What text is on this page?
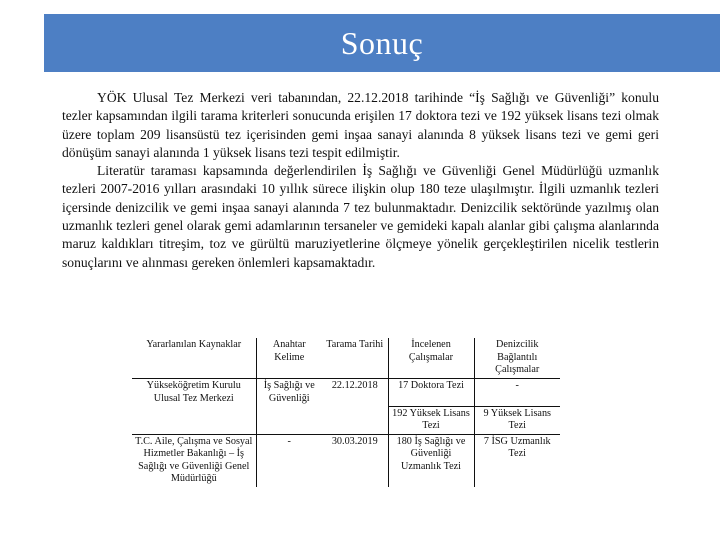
Sonuç

YÖK Ulusal Tez Merkezi veri tabanından, 22.12.2018 tarihinde “İş Sağlığı ve Güvenliği” konulu tezler kapsamından ilgili tarama kriterleri sonucunda erişilen 17 doktora tezi ve 192 yüksek lisans tezi olmak üzere toplam 209 lisansüstü tez içerisinden gemi inşaa sanayi alanında 8 yüksek lisans tezi ve gemi geri dönüşüm sanayi alanında 1 yüksek lisans tezi tespit edilmiştir.

Literatür taraması kapsamında değerlendirilen İş Sağlığı ve Güvenliği Genel Müdürlüğü uzmanlık tezleri 2007-2016 yılları arasındaki 10 yıllık sürece ilişkin olup 180 teze ulaşılmıştır. İlgili uzmanlık tezleri içersinde denizcilik ve gemi inşaa sanayi alanında 7 tez bulunmaktadır. Denizcilik sektöründe yazılmış olan uzmanlık tezleri genel olarak gemi adamlarının tersaneler ve gemideki kapalı alanlar gibi çalışma alanlarında maruz kaldıkları titreşim, toz ve gürültü maruziyetlerine ölçmeye yönelik gerçekleştirilen nicelik testlerin sonuçlarını ve alınması gereken önlemleri kapsamaktadır.

Yararlanılan Kaynaklar	Anahtar Kelime	Tarama Tarihi	İncelenen Çalışmalar	Denizcilik Bağlantılı Çalışmalar
Yükseköğretim Kurulu Ulusal Tez Merkezi	İş Sağlığı ve Güvenliği	22.12.2018	17 Doktora Tezi	-
			192 Yüksek Lisans Tezi	9 Yüksek Lisans Tezi
T.C. Aile, Çalışma ve Sosyal Hizmetler Bakanlığı – İş Sağlığı ve Güvenliği Genel Müdürlüğü	-	30.03.2019	180 İş Sağlığı ve Güvenliği Uzmanlık Tezi	7 İSG Uzmanlık Tezi
